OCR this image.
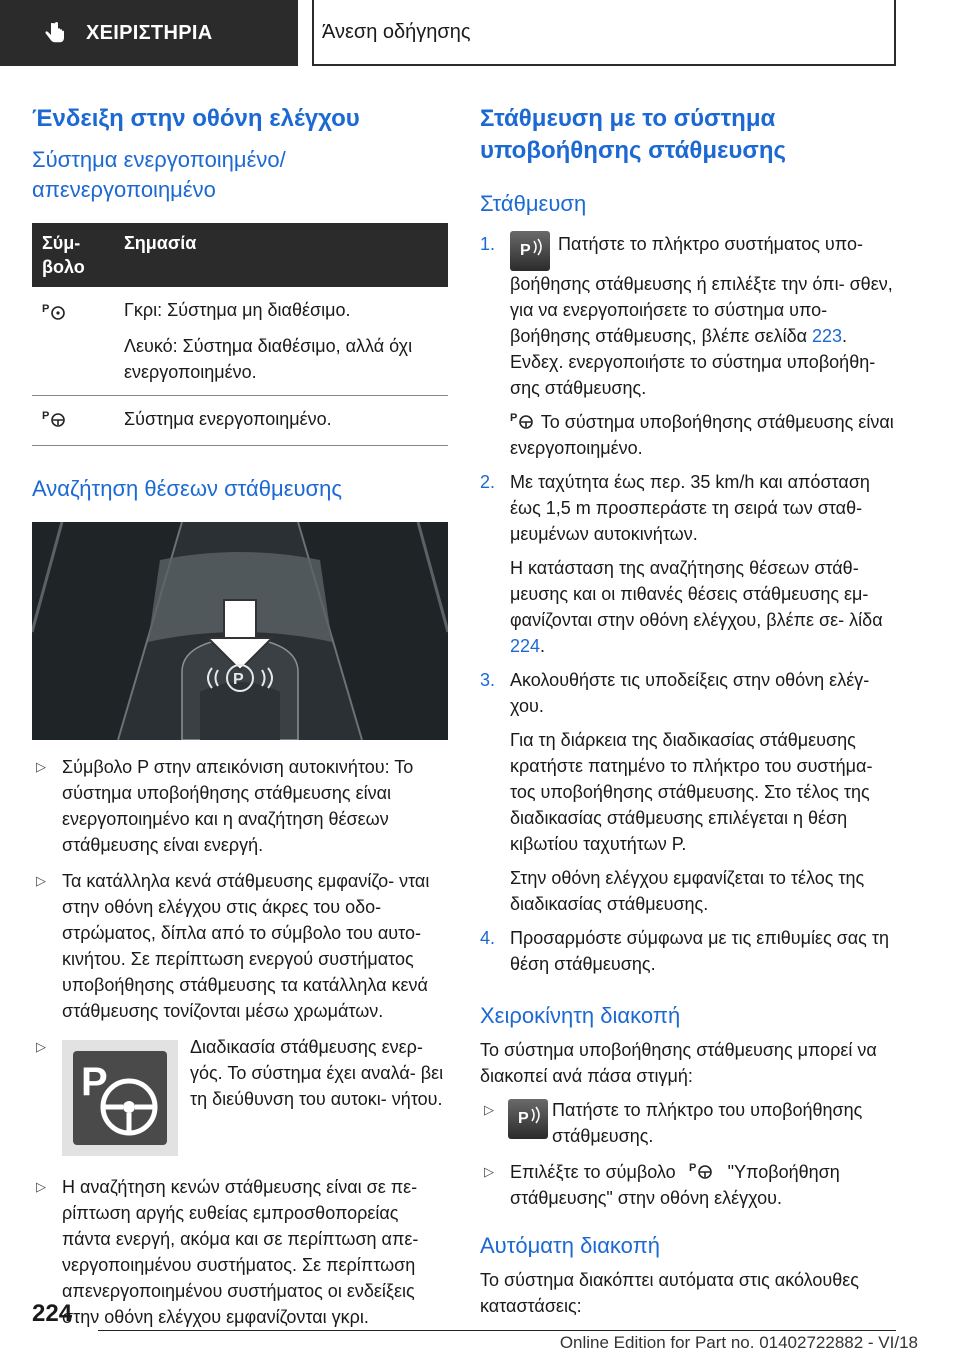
ΧΕΙΡΙΣΤΗΡΙΑ	Άνεση οδήγησης
Ένδειξη στην οθόνη ελέγχου
Σύστημα ενεργοποιημένο/ απενεργοποιημένο
Σύμ- βολο	Σημασία

P	Γκρι: Σύστημα μη διαθέσιμο.

Λευκό: Σύστημα διαθέσιμο, αλλά όχι ενεργοποιημένο.

P	Σύστημα ενεργοποιημένο.
Αναζήτηση θέσεων στάθμευσης
P
▷ Σύμβολο P στην απεικόνιση αυτοκινήτου: Το σύστημα υποβοήθησης στάθμευσης είναι ενεργοποιημένο και η αναζήτηση θέσεων στάθμευσης είναι ενεργή.
▷ Τα κατάλληλα κενά στάθμευσης εμφανίζο- νται στην οθόνη ελέγχου στις άκρες του οδο- στρώματος, δίπλα από το σύμβολο του αυτο- κινήτου. Σε περίπτωση ενεργού συστήματος υποβοήθησης στάθμευσης τα κατάλληλα κενά στάθμευσης τονίζονται μέσω χρωμάτων.
▷
P
Διαδικασία στάθμευσης ενερ- γός. Το σύστημα έχει αναλά- βει τη διεύθυνση του αυτοκι- νήτου.
▷ Η αναζήτηση κενών στάθμευσης είναι σε πε- ρίπτωση αργής ευθείας εμπροσθοπορείας πάντα ενεργή, ακόμα και σε περίπτωση απε- νεργοποιημένου συστήματος. Σε περίπτωση απενεργοποιημένου συστήματος οι ενδείξεις στην οθόνη ελέγχου εμφανίζονται γκρι.
Στάθμευση με το σύστημα υποβοήθησης στάθμευσης
Στάθμευση
1. P Πατήστε το πλήκτρο συστήματος υπο- βοήθησης στάθμευσης ή επιλέξτε την όπι- σθεν, για να ενεργοποιήσετε το σύστημα υπο- βοήθησης στάθμευσης, βλέπε σελίδα 223. Ενδεχ. ενεργοποιήστε το σύστημα υποβοήθη- σης στάθμευσης.

P Το σύστημα υποβοήθησης στάθμευσης είναι ενεργοποιημένο.

2. Με ταχύτητα έως περ. 35 km/h και απόσταση έως 1,5 m προσπεράστε τη σειρά των σταθ- μευμένων αυτοκινήτων.

Η κατάσταση της αναζήτησης θέσεων στάθ- μευσης και οι πιθανές θέσεις στάθμευσης εμ- φανίζονται στην οθόνη ελέγχου, βλέπε σε- λίδα 224.

3. Ακολουθήστε τις υποδείξεις στην οθόνη ελέγ- χου.

Για τη διάρκεια της διαδικασίας στάθμευσης κρατήστε πατημένο το πλήκτρο του συστήμα- τος υποβοήθησης στάθμευσης. Στο τέλος της διαδικασίας στάθμευσης επιλέγεται η θέση κιβωτίου ταχυτήτων P.

Στην οθόνη ελέγχου εμφανίζεται το τέλος της διαδικασίας στάθμευσης.

4. Προσαρμόστε σύμφωνα με τις επιθυμίες σας τη θέση στάθμευσης.
Χειροκίνητη διακοπή

Το σύστημα υποβοήθησης στάθμευσης μπορεί να διακοπεί ανά πάσα στιγμή:

▷
P Πατήστε το πλήκτρο του υποβοήθησης στάθμευσης.
▷ Επιλέξτε το σύμβολο P "Υποβοήθηση στάθμευσης" στην οθόνη ελέγχου.
Αυτόματη διακοπή

Το σύστημα διακόπτει αυτόματα στις ακόλουθες καταστάσεις:

224
Online Edition for Part no. 01402722882 - VI/18
